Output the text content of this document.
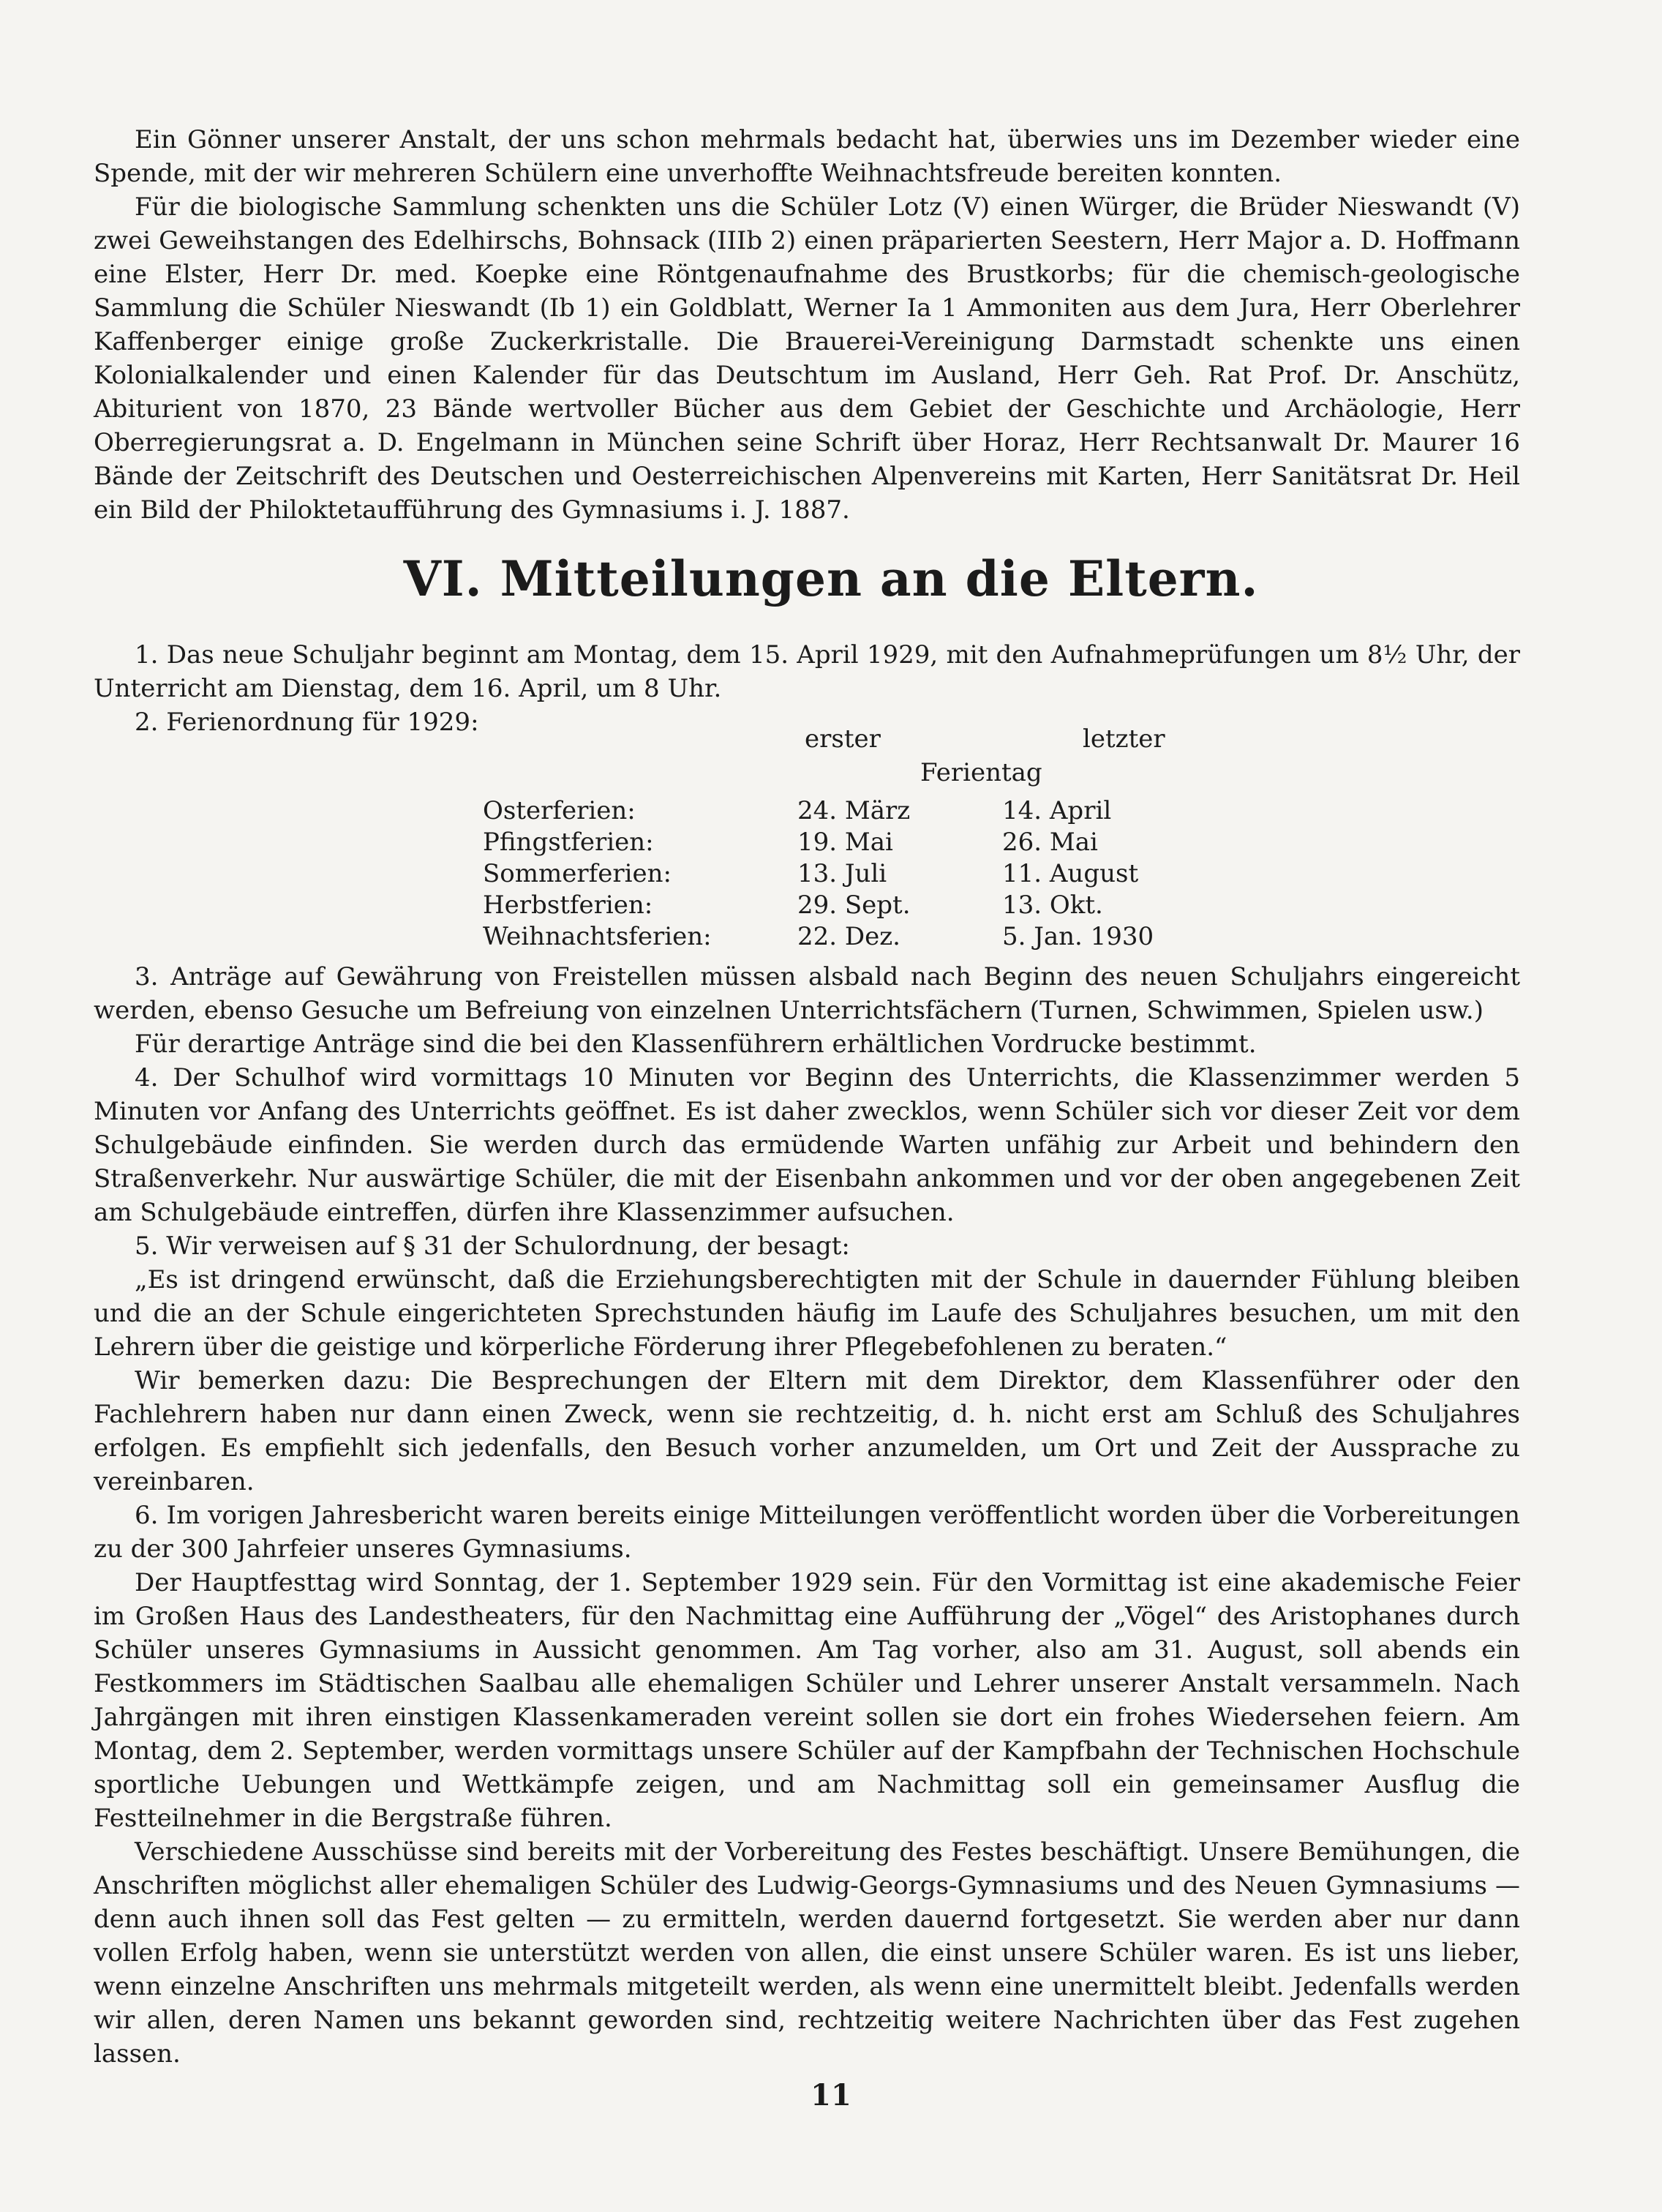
Ein Gönner unserer Anstalt, der uns schon mehrmals bedacht hat, überwies uns im Dezember wieder eine Spende, mit der wir mehreren Schülern eine unverhoffte Weihnachtsfreude bereiten konnten.

Für die biologische Sammlung schenkten uns die Schüler Lotz (V) einen Würger, die Brüder Nieswandt (V) zwei Geweihstangen des Edelhirschs, Bohnsack (IIIb 2) einen präparierten Seestern, Herr Major a. D. Hoffmann eine Elster, Herr Dr. med. Koepke eine Röntgenaufnahme des Brustkorbs; für die chemisch-geologische Sammlung die Schüler Nieswandt (Ib 1) ein Goldblatt, Werner Ia 1 Ammoniten aus dem Jura, Herr Oberlehrer Kaffenberger einige große Zuckerkristalle. Die Brauerei-Vereinigung Darmstadt schenkte uns einen Kolonialkalender und einen Kalender für das Deutschtum im Ausland, Herr Geh. Rat Prof. Dr. Anschütz, Abiturient von 1870, 23 Bände wertvoller Bücher aus dem Gebiet der Geschichte und Archäologie, Herr Oberregierungsrat a. D. Engelmann in München seine Schrift über Horaz, Herr Rechtsanwalt Dr. Maurer 16 Bände der Zeitschrift des Deutschen und Oesterreichischen Alpenvereins mit Karten, Herr Sanitätsrat Dr. Heil ein Bild der Philoktetaufführung des Gymnasiums i. J. 1887.

VI. Mitteilungen an die Eltern.

1. Das neue Schuljahr beginnt am Montag, dem 15. April 1929, mit den Aufnahmeprüfungen um 8½ Uhr, der Unterricht am Dienstag, dem 16. April, um 8 Uhr.

2. Ferienordnung für 1929:

erster	letzter
Ferientag
Osterferien:	24. März	14. April
Pfingstferien:	19. Mai	26. Mai
Sommerferien:	13. Juli	11. August
Herbstferien:	29. Sept.	13. Okt.
Weihnachtsferien:	22. Dez.	5. Jan. 1930

3. Anträge auf Gewährung von Freistellen müssen alsbald nach Beginn des neuen Schuljahrs eingereicht werden, ebenso Gesuche um Befreiung von einzelnen Unterrichtsfächern (Turnen, Schwimmen, Spielen usw.)

Für derartige Anträge sind die bei den Klassenführern erhältlichen Vordrucke bestimmt.

4. Der Schulhof wird vormittags 10 Minuten vor Beginn des Unterrichts, die Klassenzimmer werden 5 Minuten vor Anfang des Unterrichts geöffnet. Es ist daher zwecklos, wenn Schüler sich vor dieser Zeit vor dem Schulgebäude einfinden. Sie werden durch das ermüdende Warten unfähig zur Arbeit und behindern den Straßenverkehr. Nur auswärtige Schüler, die mit der Eisenbahn ankommen und vor der oben angegebenen Zeit am Schulgebäude eintreffen, dürfen ihre Klassenzimmer aufsuchen.

5. Wir verweisen auf § 31 der Schulordnung, der besagt:

„Es ist dringend erwünscht, daß die Erziehungsberechtigten mit der Schule in dauernder Fühlung bleiben und die an der Schule eingerichteten Sprechstunden häufig im Laufe des Schuljahres besuchen, um mit den Lehrern über die geistige und körperliche Förderung ihrer Pflegebefohlenen zu beraten.“

Wir bemerken dazu: Die Besprechungen der Eltern mit dem Direktor, dem Klassenführer oder den Fachlehrern haben nur dann einen Zweck, wenn sie rechtzeitig, d. h. nicht erst am Schluß des Schuljahres erfolgen. Es empfiehlt sich jedenfalls, den Besuch vorher anzumelden, um Ort und Zeit der Aussprache zu vereinbaren.

6. Im vorigen Jahresbericht waren bereits einige Mitteilungen veröffentlicht worden über die Vorbereitungen zu der 300 Jahrfeier unseres Gymnasiums.

Der Hauptfesttag wird Sonntag, der 1. September 1929 sein. Für den Vormittag ist eine akademische Feier im Großen Haus des Landestheaters, für den Nachmittag eine Aufführung der „Vögel“ des Aristophanes durch Schüler unseres Gymnasiums in Aussicht genommen. Am Tag vorher, also am 31. August, soll abends ein Festkommers im Städtischen Saalbau alle ehemaligen Schüler und Lehrer unserer Anstalt versammeln. Nach Jahrgängen mit ihren einstigen Klassenkameraden vereint sollen sie dort ein frohes Wiedersehen feiern. Am Montag, dem 2. September, werden vormittags unsere Schüler auf der Kampfbahn der Technischen Hochschule sportliche Uebungen und Wettkämpfe zeigen, und am Nachmittag soll ein gemeinsamer Ausflug die Festteilnehmer in die Bergstraße führen.

Verschiedene Ausschüsse sind bereits mit der Vorbereitung des Festes beschäftigt. Unsere Bemühungen, die Anschriften möglichst aller ehemaligen Schüler des Ludwig-Georgs-Gymnasiums und des Neuen Gymnasiums — denn auch ihnen soll das Fest gelten — zu ermitteln, werden dauernd fortgesetzt. Sie werden aber nur dann vollen Erfolg haben, wenn sie unterstützt werden von allen, die einst unsere Schüler waren. Es ist uns lieber, wenn einzelne Anschriften uns mehrmals mitgeteilt werden, als wenn eine unermittelt bleibt. Jedenfalls werden wir allen, deren Namen uns bekannt geworden sind, rechtzeitig weitere Nachrichten über das Fest zugehen lassen.

11
